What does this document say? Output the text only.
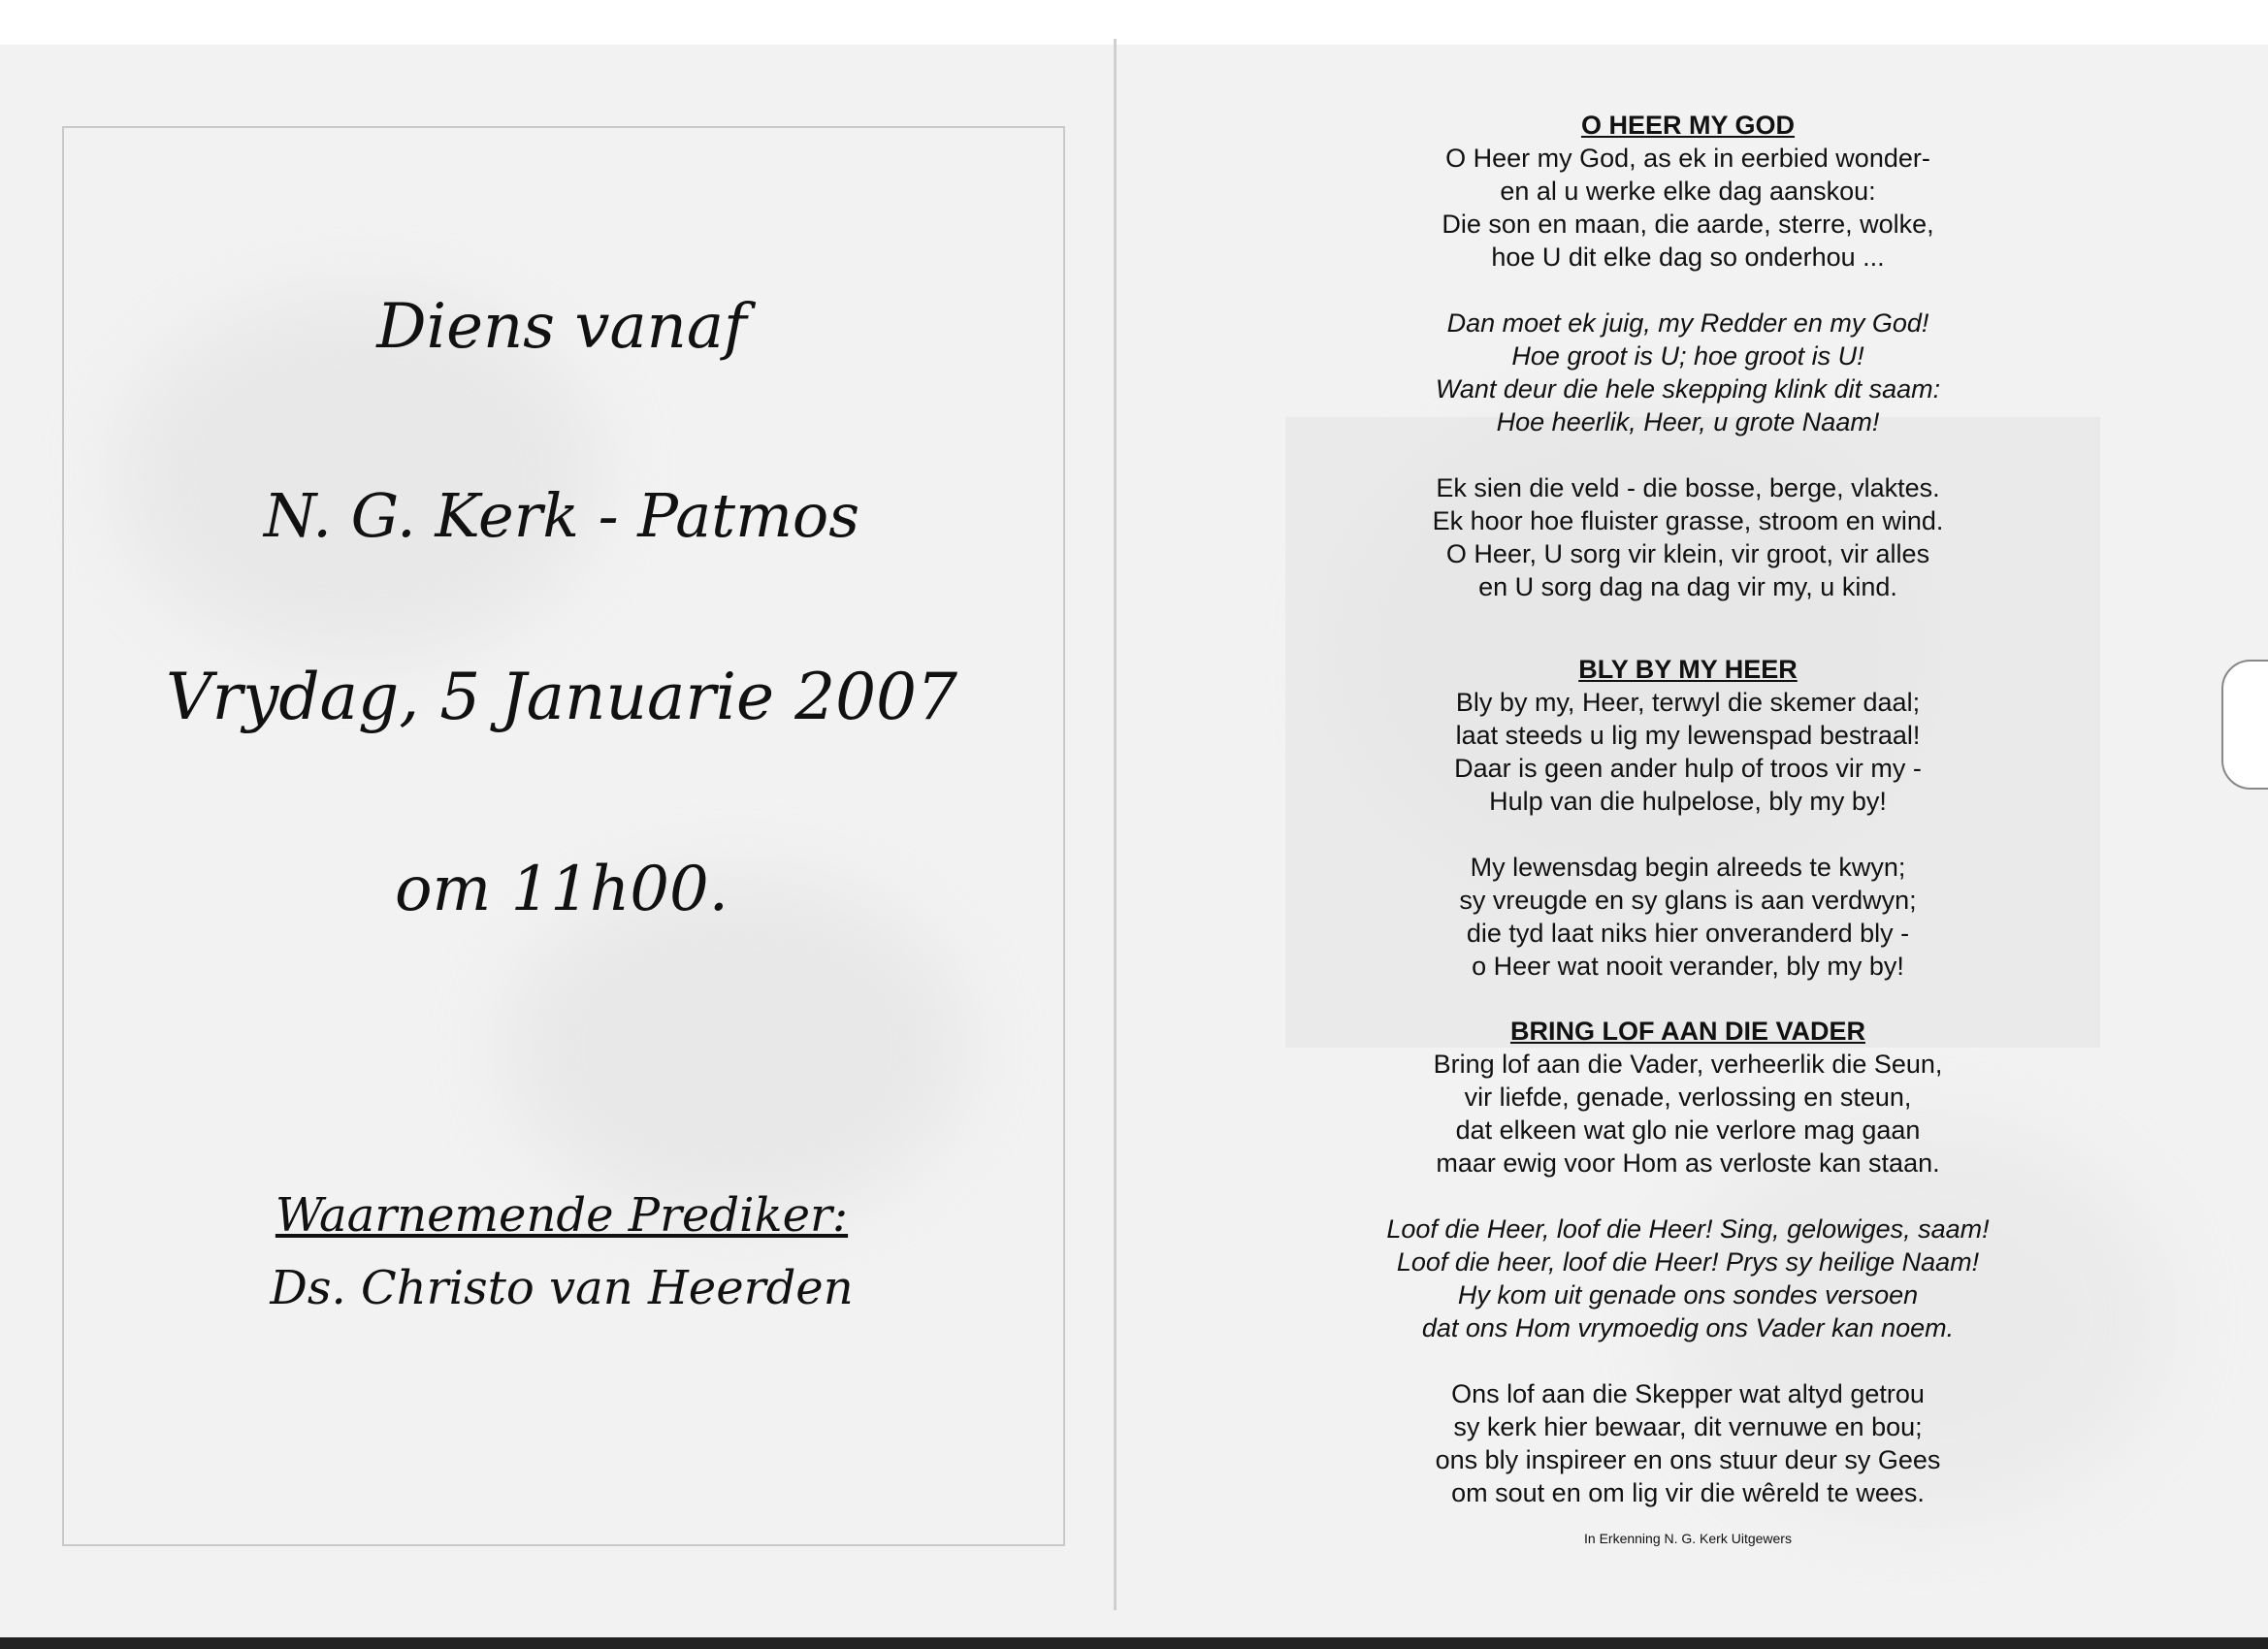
Diens vanaf
N. G. Kerk - Patmos
Vrydag, 5 Januarie 2007
om 11h00.
Waarnemende Prediker:
Ds. Christo van Heerden
O HEER MY GOD
O Heer my God, as ek in eerbied wonder-
en al u werke elke dag aanskou:
Die son en maan, die aarde, sterre, wolke,
hoe U dit elke dag so onderhou ...
Dan moet ek juig, my Redder en my God!
Hoe groot is U; hoe groot is U!
Want deur die hele skepping klink dit saam:
Hoe heerlik, Heer, u grote Naam!
Ek sien die veld - die bosse, berge, vlaktes.
Ek hoor hoe fluister grasse, stroom en wind.
O Heer, U sorg vir klein, vir groot, vir alles
en U sorg dag na dag vir my, u kind.
BLY BY MY HEER
Bly by my, Heer, terwyl die skemer daal;
laat steeds u lig my lewenspad bestraal!
Daar is geen ander hulp of troos vir my -
Hulp van die hulpelose, bly my by!
My lewensdag begin alreeds te kwyn;
sy vreugde en sy glans is aan verdwyn;
die tyd laat niks hier onveranderd bly -
o Heer wat nooit verander, bly my by!
BRING LOF AAN DIE VADER
Bring lof aan die Vader, verheerlik die Seun,
vir liefde, genade, verlossing en steun,
dat elkeen wat glo nie verlore mag gaan
maar ewig voor Hom as verloste kan staan.
Loof die Heer, loof die Heer! Sing, gelowiges, saam!
Loof die heer, loof die Heer! Prys sy heilige Naam!
Hy kom uit genade ons sondes versoen
dat ons Hom vrymoedig ons Vader kan noem.
Ons lof aan die Skepper wat altyd getrou
sy kerk hier bewaar, dit vernuwe en bou;
ons bly inspireer en ons stuur deur sy Gees
om sout en om lig vir die wêreld te wees.
In Erkenning N. G. Kerk Uitgewers
